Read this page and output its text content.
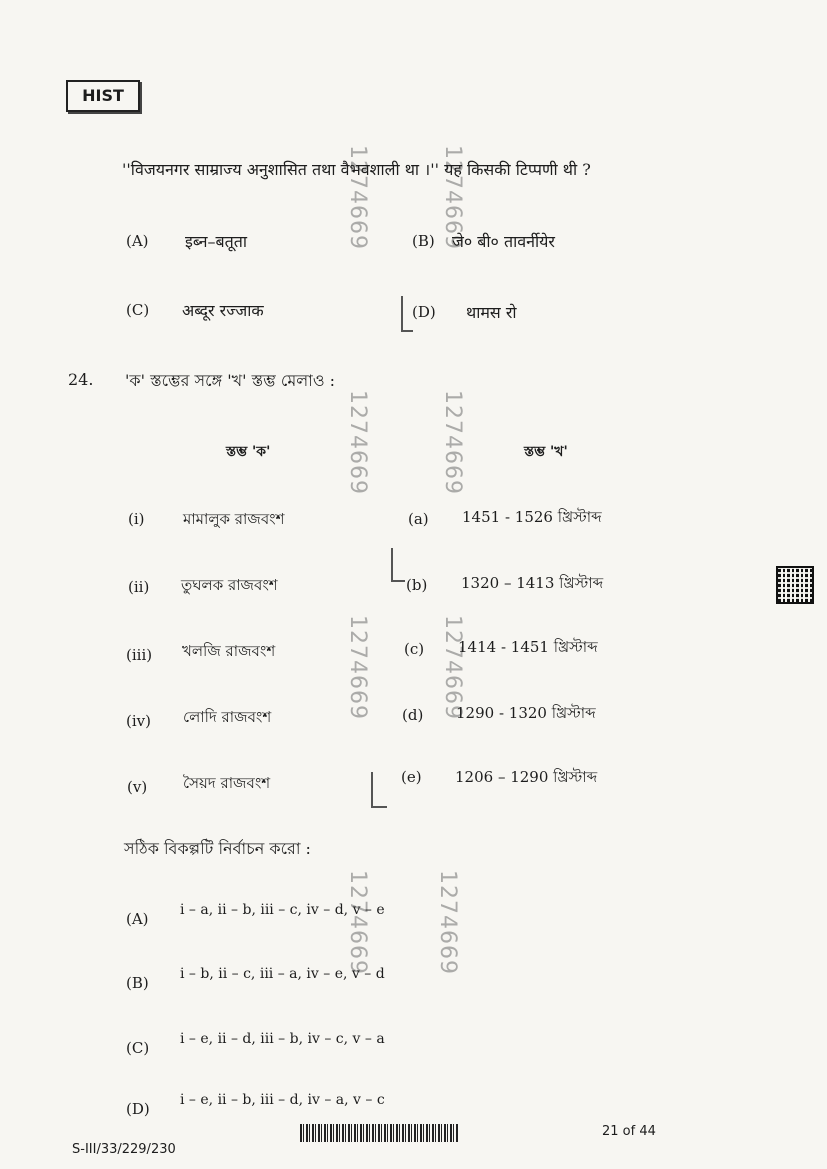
HIST
1274669	1274669
1274669	1274669
1274669	1274669
1274669	1274669
''विजयनगर साम्राज्य अनुशासित तथा वैभवशाली था ।'' यह किसकी टिप्पणी थी ?
(A) इब्न–बतूता	(B) जे० बी० तावर्नीयेर
(C) अब्दूर रज्जाक	(D) थामस रो
24. 'ক' স্তম্ভের সঙ্গে 'খ' স্তম্ভ মেলাও :
স্তম্ভ 'ক'	স্তম্ভ 'খ'
(i)	মামালুক রাজবংশ	(a) 1451 - 1526 খ্রিস্টাব্দ
(ii) তুঘলক রাজবংশ	(b) 1320 – 1413 খ্রিস্টাব্দ
(iii) খলজি রাজবংশ	(c) 1414 - 1451 খ্রিস্টাব্দ
(iv) লোদি রাজবংশ	(d) 1290 - 1320 খ্রিস্টাব্দ
(v) সৈয়দ রাজবংশ	(e) 1206 – 1290 খ্রিস্টাব্দ
সঠিক বিকল্পটি নির্বাচন করো :
(A) i – a, ii – b, iii – c, iv – d, v – e
(B) i – b, ii – c, iii – a, iv – e, v – d
(C) i – e, ii – d, iii – b, iv – c, v – a
(D) i – e, ii – b, iii – d, iv – a, v – c
S-III/33/229/230
21 of 44
